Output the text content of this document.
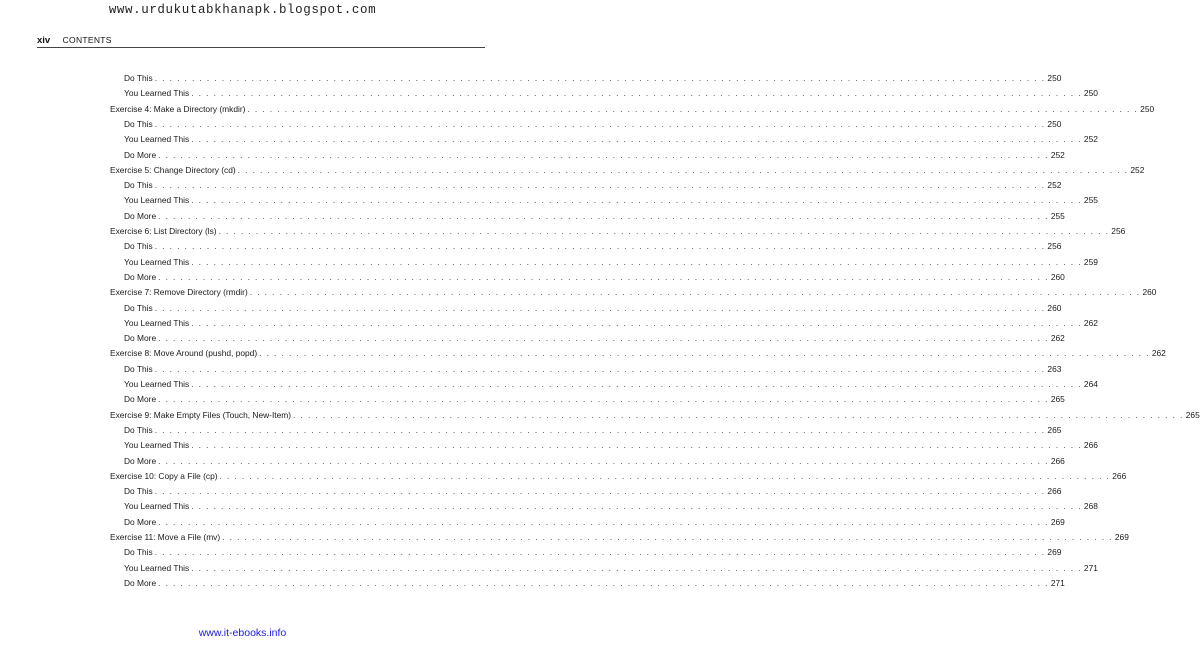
www.urdukutabkhanapk.blogspot.com
xiv CONTENTS
Do This . . . . . . . . . . . . . . . . . . . . . . . . . . . . . . . . . . . . . . . . . . . . . . . . . . . . . . . . . . . . . . . . . . . . . . . . . . . . . . . . . . . . . . . . . . . . . . . . . . . . . . . . . . . . . . . . . . . . . . . . 250
You Learned This . . . . . . . . . . . . . . . . . . . . . . . . . . . . . . . . . . . . . . . . . . . . . . . . . . . . . . . . . . . . . . . . . . . . . . . . . . . . . . . . . . . . . . . . . . . . . . . . . . . . . . . . . . . . . . . . . . . . . . . . 250
Exercise 4: Make a Directory (mkdir) . . . . . . . . . . . . . . . . . . . . . . . . . . . . . . . . . . . . . . . . . . . . . . . . . . . . . . . . . . . . . . . . . . . . . . . . . . . . . . . . . . . . . . . . . . . . . . . . . . . . . . . . . . . . . . . . . . . . . . . . 250
Do This . . . . . . . . . . . . . . . . . . . . . . . . . . . . . . . . . . . . . . . . . . . . . . . . . . . . . . . . . . . . . . . . . . . . . . . . . . . . . . . . . . . . . . . . . . . . . . . . . . . . . . . . . . . . . . . . . . . . . . . . 250
You Learned This . . . . . . . . . . . . . . . . . . . . . . . . . . . . . . . . . . . . . . . . . . . . . . . . . . . . . . . . . . . . . . . . . . . . . . . . . . . . . . . . . . . . . . . . . . . . . . . . . . . . . . . . . . . . . . . . . . . . . . . . 252
Do More . . . . . . . . . . . . . . . . . . . . . . . . . . . . . . . . . . . . . . . . . . . . . . . . . . . . . . . . . . . . . . . . . . . . . . . . . . . . . . . . . . . . . . . . . . . . . . . . . . . . . . . . . . . . . . . . . . . . . . . . 252
Exercise 5: Change Directory (cd) . . . . . . . . . . . . . . . . . . . . . . . . . . . . . . . . . . . . . . . . . . . . . . . . . . . . . . . . . . . . . . . . . . . . . . . . . . . . . . . . . . . . . . . . . . . . . . . . . . . . . . . . . . . . . . . . . . . . . . . . 252
Do This . . . . . . . . . . . . . . . . . . . . . . . . . . . . . . . . . . . . . . . . . . . . . . . . . . . . . . . . . . . . . . . . . . . . . . . . . . . . . . . . . . . . . . . . . . . . . . . . . . . . . . . . . . . . . . . . . . . . . . . . 252
You Learned This . . . . . . . . . . . . . . . . . . . . . . . . . . . . . . . . . . . . . . . . . . . . . . . . . . . . . . . . . . . . . . . . . . . . . . . . . . . . . . . . . . . . . . . . . . . . . . . . . . . . . . . . . . . . . . . . . . . . . . . . 255
Do More . . . . . . . . . . . . . . . . . . . . . . . . . . . . . . . . . . . . . . . . . . . . . . . . . . . . . . . . . . . . . . . . . . . . . . . . . . . . . . . . . . . . . . . . . . . . . . . . . . . . . . . . . . . . . . . . . . . . . . . . 255
Exercise 6: List Directory (ls) . . . . . . . . . . . . . . . . . . . . . . . . . . . . . . . . . . . . . . . . . . . . . . . . . . . . . . . . . . . . . . . . . . . . . . . . . . . . . . . . . . . . . . . . . . . . . . . . . . . . . . . . . . . . . . . . . . . . . . . . 256
Do This . . . . . . . . . . . . . . . . . . . . . . . . . . . . . . . . . . . . . . . . . . . . . . . . . . . . . . . . . . . . . . . . . . . . . . . . . . . . . . . . . . . . . . . . . . . . . . . . . . . . . . . . . . . . . . . . . . . . . . . . 256
You Learned This . . . . . . . . . . . . . . . . . . . . . . . . . . . . . . . . . . . . . . . . . . . . . . . . . . . . . . . . . . . . . . . . . . . . . . . . . . . . . . . . . . . . . . . . . . . . . . . . . . . . . . . . . . . . . . . . . . . . . . . . 259
Do More . . . . . . . . . . . . . . . . . . . . . . . . . . . . . . . . . . . . . . . . . . . . . . . . . . . . . . . . . . . . . . . . . . . . . . . . . . . . . . . . . . . . . . . . . . . . . . . . . . . . . . . . . . . . . . . . . . . . . . . . 260
Exercise 7: Remove Directory (rmdir) . . . . . . . . . . . . . . . . . . . . . . . . . . . . . . . . . . . . . . . . . . . . . . . . . . . . . . . . . . . . . . . . . . . . . . . . . . . . . . . . . . . . . . . . . . . . . . . . . . . . . . . . . . . . . . . . . . . . . . . . 260
Do This . . . . . . . . . . . . . . . . . . . . . . . . . . . . . . . . . . . . . . . . . . . . . . . . . . . . . . . . . . . . . . . . . . . . . . . . . . . . . . . . . . . . . . . . . . . . . . . . . . . . . . . . . . . . . . . . . . . . . . . . 260
You Learned This . . . . . . . . . . . . . . . . . . . . . . . . . . . . . . . . . . . . . . . . . . . . . . . . . . . . . . . . . . . . . . . . . . . . . . . . . . . . . . . . . . . . . . . . . . . . . . . . . . . . . . . . . . . . . . . . . . . . . . . . 262
Do More . . . . . . . . . . . . . . . . . . . . . . . . . . . . . . . . . . . . . . . . . . . . . . . . . . . . . . . . . . . . . . . . . . . . . . . . . . . . . . . . . . . . . . . . . . . . . . . . . . . . . . . . . . . . . . . . . . . . . . . . 262
Exercise 8: Move Around (pushd, popd) . . . . . . . . . . . . . . . . . . . . . . . . . . . . . . . . . . . . . . . . . . . . . . . . . . . . . . . . . . . . . . . . . . . . . . . . . . . . . . . . . . . . . . . . . . . . . . . . . . . . . . . . . . . . . . . . . . . . . . . . 262
Do This . . . . . . . . . . . . . . . . . . . . . . . . . . . . . . . . . . . . . . . . . . . . . . . . . . . . . . . . . . . . . . . . . . . . . . . . . . . . . . . . . . . . . . . . . . . . . . . . . . . . . . . . . . . . . . . . . . . . . . . . 263
You Learned This . . . . . . . . . . . . . . . . . . . . . . . . . . . . . . . . . . . . . . . . . . . . . . . . . . . . . . . . . . . . . . . . . . . . . . . . . . . . . . . . . . . . . . . . . . . . . . . . . . . . . . . . . . . . . . . . . . . . . . . . 264
Do More . . . . . . . . . . . . . . . . . . . . . . . . . . . . . . . . . . . . . . . . . . . . . . . . . . . . . . . . . . . . . . . . . . . . . . . . . . . . . . . . . . . . . . . . . . . . . . . . . . . . . . . . . . . . . . . . . . . . . . . . 265
Exercise 9: Make Empty Files (Touch, New-Item) . . . . . . . . . . . . . . . . . . . . . . . . . . . . . . . . . . . . . . . . . . . . . . . . . . . . . . . . . . . . . . . . . . . . . . . . . . . . . . . . . . . . . . . . . . . . . . . . . . . . . . . . . . . . . . . . . . . . . . . . 265
Do This . . . . . . . . . . . . . . . . . . . . . . . . . . . . . . . . . . . . . . . . . . . . . . . . . . . . . . . . . . . . . . . . . . . . . . . . . . . . . . . . . . . . . . . . . . . . . . . . . . . . . . . . . . . . . . . . . . . . . . . . 265
You Learned This . . . . . . . . . . . . . . . . . . . . . . . . . . . . . . . . . . . . . . . . . . . . . . . . . . . . . . . . . . . . . . . . . . . . . . . . . . . . . . . . . . . . . . . . . . . . . . . . . . . . . . . . . . . . . . . . . . . . . . . . 266
Do More . . . . . . . . . . . . . . . . . . . . . . . . . . . . . . . . . . . . . . . . . . . . . . . . . . . . . . . . . . . . . . . . . . . . . . . . . . . . . . . . . . . . . . . . . . . . . . . . . . . . . . . . . . . . . . . . . . . . . . . . 266
Exercise 10: Copy a File (cp) . . . . . . . . . . . . . . . . . . . . . . . . . . . . . . . . . . . . . . . . . . . . . . . . . . . . . . . . . . . . . . . . . . . . . . . . . . . . . . . . . . . . . . . . . . . . . . . . . . . . . . . . . . . . . . . . . . . . . . . . 266
Do This . . . . . . . . . . . . . . . . . . . . . . . . . . . . . . . . . . . . . . . . . . . . . . . . . . . . . . . . . . . . . . . . . . . . . . . . . . . . . . . . . . . . . . . . . . . . . . . . . . . . . . . . . . . . . . . . . . . . . . . . 266
You Learned This . . . . . . . . . . . . . . . . . . . . . . . . . . . . . . . . . . . . . . . . . . . . . . . . . . . . . . . . . . . . . . . . . . . . . . . . . . . . . . . . . . . . . . . . . . . . . . . . . . . . . . . . . . . . . . . . . . . . . . . . 268
Do More . . . . . . . . . . . . . . . . . . . . . . . . . . . . . . . . . . . . . . . . . . . . . . . . . . . . . . . . . . . . . . . . . . . . . . . . . . . . . . . . . . . . . . . . . . . . . . . . . . . . . . . . . . . . . . . . . . . . . . . . 269
Exercise 11: Move a File (mv) . . . . . . . . . . . . . . . . . . . . . . . . . . . . . . . . . . . . . . . . . . . . . . . . . . . . . . . . . . . . . . . . . . . . . . . . . . . . . . . . . . . . . . . . . . . . . . . . . . . . . . . . . . . . . . . . . . . . . . . . 269
Do This . . . . . . . . . . . . . . . . . . . . . . . . . . . . . . . . . . . . . . . . . . . . . . . . . . . . . . . . . . . . . . . . . . . . . . . . . . . . . . . . . . . . . . . . . . . . . . . . . . . . . . . . . . . . . . . . . . . . . . . . 269
You Learned This . . . . . . . . . . . . . . . . . . . . . . . . . . . . . . . . . . . . . . . . . . . . . . . . . . . . . . . . . . . . . . . . . . . . . . . . . . . . . . . . . . . . . . . . . . . . . . . . . . . . . . . . . . . . . . . . . . . . . . . . 271
Do More . . . . . . . . . . . . . . . . . . . . . . . . . . . . . . . . . . . . . . . . . . . . . . . . . . . . . . . . . . . . . . . . . . . . . . . . . . . . . . . . . . . . . . . . . . . . . . . . . . . . . . . . . . . . . . . . . . . . . . . . 271
www.it-ebooks.info
